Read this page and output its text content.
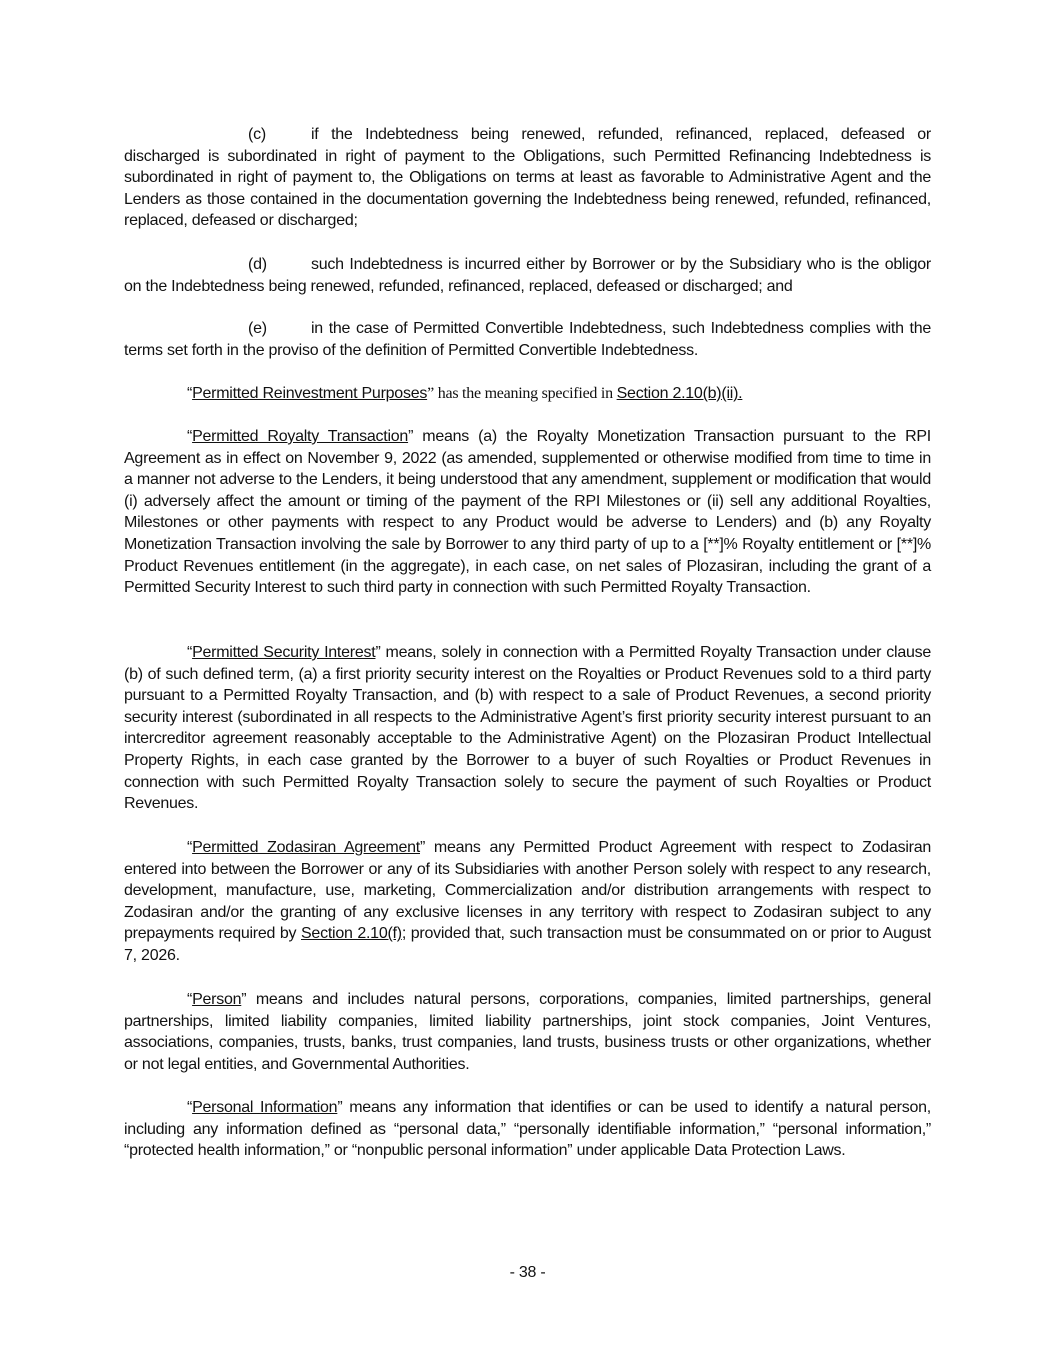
(c)	if the Indebtedness being renewed, refunded, refinanced, replaced, defeased or discharged is subordinated in right of payment to the Obligations, such Permitted Refinancing Indebtedness is subordinated in right of payment to, the Obligations on terms at least as favorable to Administrative Agent and the Lenders as those contained in the documentation governing the Indebtedness being renewed, refunded, refinanced, replaced, defeased or discharged;
(d)	such Indebtedness is incurred either by Borrower or by the Subsidiary who is the obligor on the Indebtedness being renewed, refunded, refinanced, replaced, defeased or discharged; and
(e)	in the case of Permitted Convertible Indebtedness, such Indebtedness complies with the terms set forth in the proviso of the definition of Permitted Convertible Indebtedness.
“Permitted Reinvestment Purposes” has the meaning specified in Section 2.10(b)(ii).
“Permitted Royalty Transaction” means (a) the Royalty Monetization Transaction pursuant to the RPI Agreement as in effect on November 9, 2022 (as amended, supplemented or otherwise modified from time to time in a manner not adverse to the Lenders, it being understood that any amendment, supplement or modification that would (i) adversely affect the amount or timing of the payment of the RPI Milestones or (ii) sell any additional Royalties, Milestones or other payments with respect to any Product would be adverse to Lenders) and (b) any Royalty Monetization Transaction involving the sale by Borrower to any third party of up to a [**]% Royalty entitlement or [**]% Product Revenues entitlement (in the aggregate), in each case, on net sales of Plozasiran, including the grant of a Permitted Security Interest to such third party in connection with such Permitted Royalty Transaction.
“Permitted Security Interest” means, solely in connection with a Permitted Royalty Transaction under clause (b) of such defined term, (a) a first priority security interest on the Royalties or Product Revenues sold to a third party pursuant to a Permitted Royalty Transaction, and (b) with respect to a sale of Product Revenues, a second priority security interest (subordinated in all respects to the Administrative Agent’s first priority security interest pursuant to an intercreditor agreement reasonably acceptable to the Administrative Agent) on the Plozasiran Product Intellectual Property Rights, in each case granted by the Borrower to a buyer of such Royalties or Product Revenues in connection with such Permitted Royalty Transaction solely to secure the payment of such Royalties or Product Revenues.
“Permitted Zodasiran Agreement” means any Permitted Product Agreement with respect to Zodasiran entered into between the Borrower or any of its Subsidiaries with another Person solely with respect to any research, development, manufacture, use, marketing, Commercialization and/or distribution arrangements with respect to Zodasiran and/or the granting of any exclusive licenses in any territory with respect to Zodasiran subject to any prepayments required by Section 2.10(f); provided that, such transaction must be consummated on or prior to August 7, 2026.
“Person” means and includes natural persons, corporations, companies, limited partnerships, general partnerships, limited liability companies, limited liability partnerships, joint stock companies, Joint Ventures, associations, companies, trusts, banks, trust companies, land trusts, business trusts or other organizations, whether or not legal entities, and Governmental Authorities.
“Personal Information” means any information that identifies or can be used to identify a natural person, including any information defined as “personal data,” “personally identifiable information,” “personal information,” “protected health information,” or “nonpublic personal information” under applicable Data Protection Laws.
- 38 -
